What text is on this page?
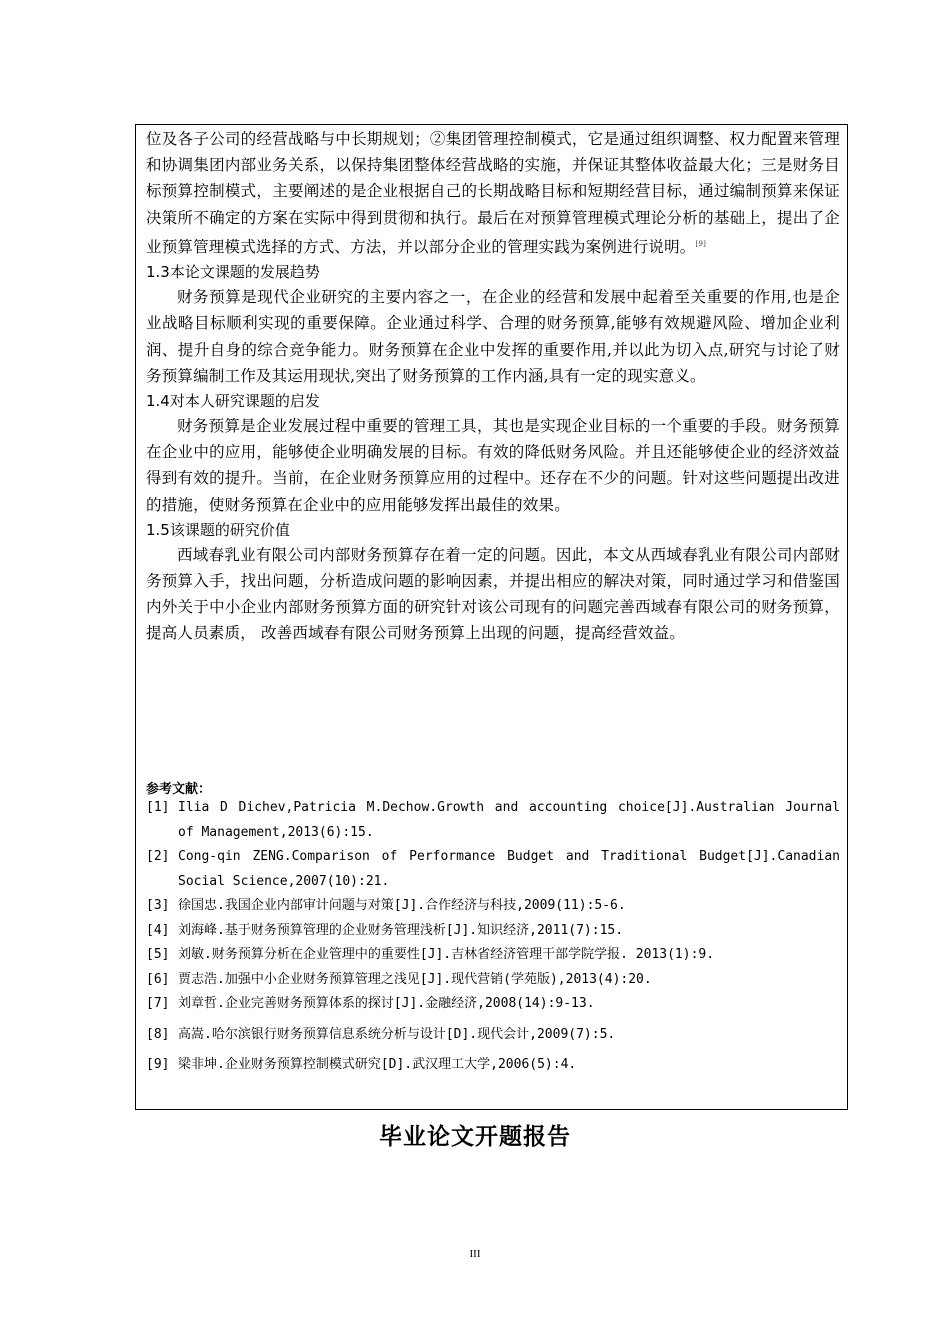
位及各子公司的经营战略与中长期规划；②集团管理控制模式，它是通过组织调整、权力配置来管理和协调集团内部业务关系，以保持集团整体经营战略的实施，并保证其整体收益最大化；三是财务目标预算控制模式，主要阐述的是企业根据自己的长期战略目标和短期经营目标，通过编制预算来保证决策所不确定的方案在实际中得到贯彻和执行。最后在对预算管理模式理论分析的基础上，提出了企业预算管理模式选择的方式、方法，并以部分企业的管理实践为案例进行说明。[9]

1.3本论文课题的发展趋势

财务预算是现代企业研究的主要内容之一，在企业的经营和发展中起着至关重要的作用,也是企业战略目标顺利实现的重要保障。企业通过科学、合理的财务预算,能够有效规避风险、增加企业利润、提升自身的综合竞争能力。财务预算在企业中发挥的重要作用,并以此为切入点,研究与讨论了财务预算编制工作及其运用现状,突出了财务预算的工作内涵,具有一定的现实意义。

1.4对本人研究课题的启发

财务预算是企业发展过程中重要的管理工具，其也是实现企业目标的一个重要的手段。财务预算在企业中的应用，能够使企业明确发展的目标。有效的降低财务风险。并且还能够使企业的经济效益得到有效的提升。当前，在企业财务预算应用的过程中。还存在不少的问题。针对这些问题提出改进的措施，使财务预算在企业中的应用能够发挥出最佳的效果。

1.5该课题的研究价值

西域春乳业有限公司内部财务预算存在着一定的问题。因此，本文从西域春乳业有限公司内部财务预算入手，找出问题，分析造成问题的影响因素，并提出相应的解决对策，同时通过学习和借鉴国内外关于中小企业内部财务预算方面的研究针对该公司现有的问题完善西域春有限公司的财务预算，提高人员素质， 改善西域春有限公司财务预算上出现的问题，提高经营效益。

参考文献：

[1] Ilia D Dichev,Patricia M.Dechow.Growth and accounting choice[J].Australian Journal of Management,2013(6):15.

[2] Cong-qin ZENG.Comparison of Performance Budget and Traditional Budget[J].Canadian Social Science,2007(10):21.

[3] 徐国忠.我国企业内部审计问题与对策[J].合作经济与科技,2009(11):5-6.

[4] 刘海峰.基于财务预算管理的企业财务管理浅析[J].知识经济,2011(7):15.

[5] 刘敏.财务预算分析在企业管理中的重要性[J].吉林省经济管理干部学院学报. 2013(1):9.

[6] 贾志浩.加强中小企业财务预算管理之浅见[J].现代营销(学苑版),2013(4):20.

[7] 刘章哲.企业完善财务预算体系的探讨[J].金融经济,2008(14):9-13.

[8] 高嵩.哈尔滨银行财务预算信息系统分析与设计[D].现代会计,2009(7):5.

[9] 梁非坤.企业财务预算控制模式研究[D].武汉理工大学,2006(5):4.

毕业论文开题报告
III
